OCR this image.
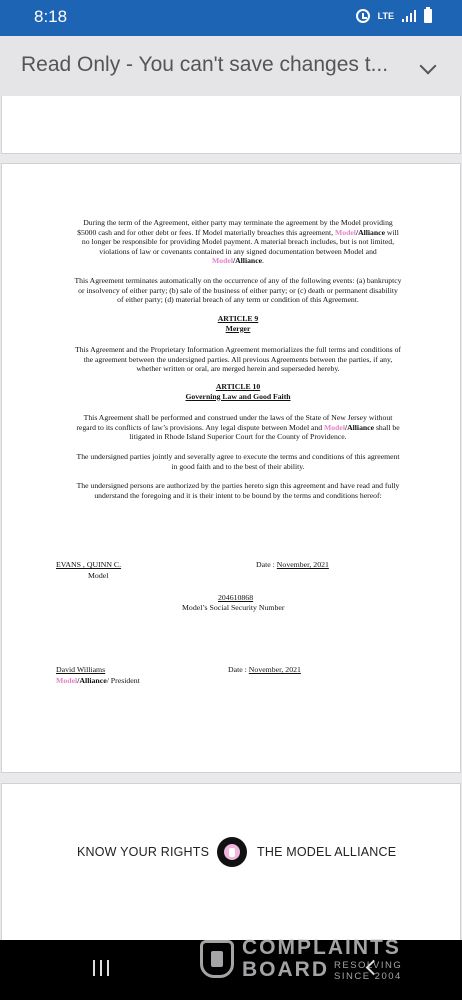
8:18	LTE
Read Only - You can't save changes t...
During the term of the Agreement, either party may terminate the agreement by the Model providing
$5000 cash and for other debt or fees. If Model materially breaches this agreement, Model/Alliance will
no longer be responsible for providing Model payment. A material breach includes, but is not limited,
violations of law or covenants contained in any signed documentation between Model and
Model/Alliance.
This Agreement terminates automatically on the occurrence of any of the following events: (a) bankruptcy
or insolvency of either party; (b) sale of the business of either party; or (c) death or permanent disability
of either party; (d) material breach of any term or condition of this Agreement.
ARTICLE 9
Merger
This Agreement and the Proprietary Information Agreement memorializes the full terms and conditions of
the agreement between the undersigned parties. All previous Agreements between the parties, if any,
whether written or oral, are merged herein and superseded hereby.
ARTICLE 10
Governing Law and Good Faith
This Agreement shall be performed and construed under the laws of the State of New Jersey without
regard to its conflicts of law’s provisions. Any legal dispute between Model and Model/Alliance shall be
litigated in Rhode Island Superior Court for the County of Providence.
The undersigned parties jointly and severally agree to execute the terms and conditions of this agreement
in good faith and to the best of their ability.
The undersigned persons are authorized by the parties hereto sign this agreement and have read and fully
understand the foregoing and it is their intent to be bound by the terms and conditions hereof:
EVANS , QUINN C.
Model
Date : November, 2021
204610868
Model’s Social Security Number
David Williams
Model/Alliance/ President
Date : November, 2021
KNOW YOUR RIGHTS	THE MODEL ALLIANCE
COMPLAINTS
BOARD RESOLVING
SINCE 2004
